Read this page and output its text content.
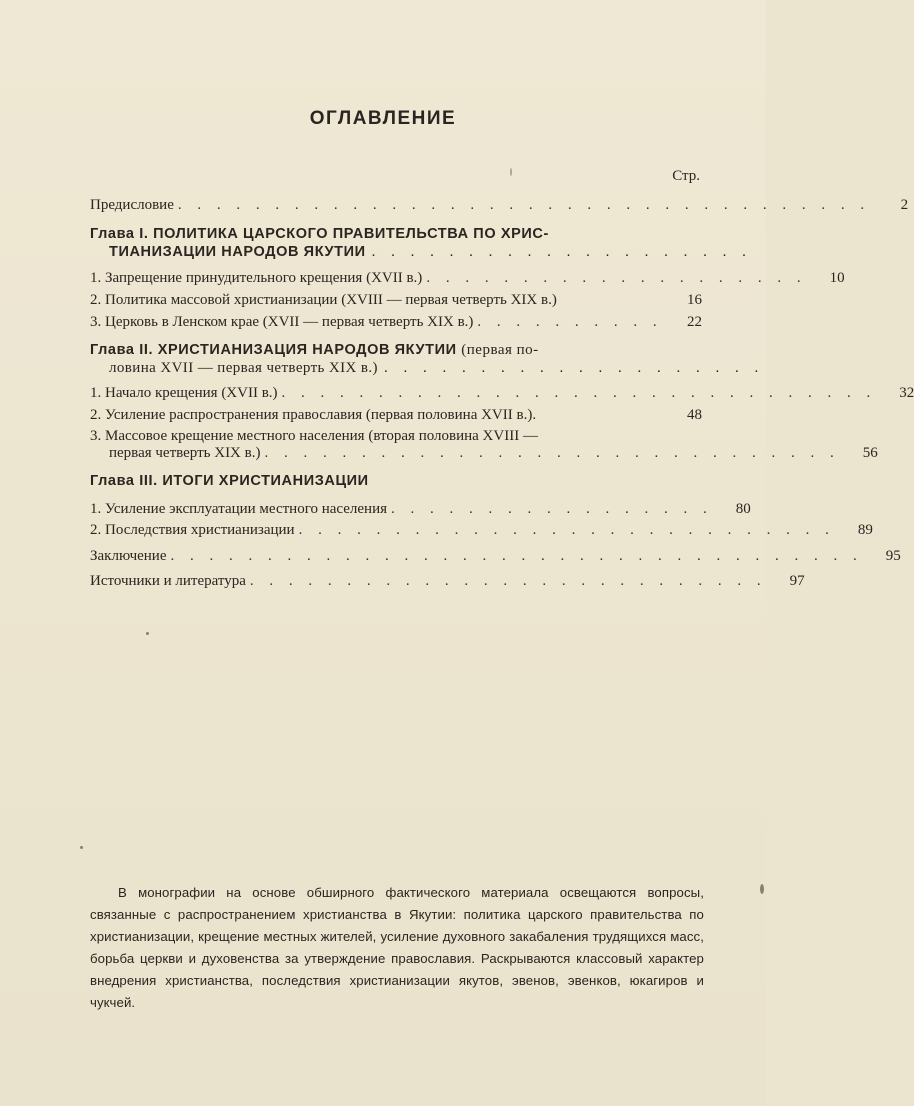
ОГЛАВЛЕНИЕ
Стр.
Предисловие . . . . . . . . . . . . . . . . . . . . . . . . . . . . . . . . . . . .	2
Глава I. ПОЛИТИКА ЦАРСКОГО ПРАВИТЕЛЬСТВА ПО ХРИС-
ТИАНИЗАЦИИ НАРОДОВ ЯКУТИИ . . . . . . . . . . . . . . . . . . . .
1. Запрещение принудительного крещения (XVII в.) . . . . . . . . . . . . . . . . . . . .	10
2. Политика массовой христианизации (XVIII — первая четверть XIX в.)	16
3. Церковь в Ленском крае (XVII — первая четверть XIX в.) . . . . . . . . . .	22
Глава II. ХРИСТИАНИЗАЦИЯ НАРОДОВ ЯКУТИИ (первая по-
ловина XVII — первая четверть XIX в.) . . . . . . . . . . . . . . . . . . . .
1. Начало крещения (XVII в.) . . . . . . . . . . . . . . . . . . . . . . . . . . . . . . .	32
2. Усиление распространения православия (первая половина XVII в.).	48
3. Массовое крещение местного населения (вторая половина XVIII —
первая четверть XIX в.) . . . . . . . . . . . . . . . . . . . . . . . . . . . . . .	56
Глава III. ИТОГИ ХРИСТИАНИЗАЦИИ
1. Усиление эксплуатации местного населения . . . . . . . . . . . . . . . . .	80
2. Последствия христианизации . . . . . . . . . . . . . . . . . . . . . . . . . . . .	89
Заключение . . . . . . . . . . . . . . . . . . . . . . . . . . . . . . . . . . . .	95
Источники и литература . . . . . . . . . . . . . . . . . . . . . . . . . . .	97
В монографии на основе обширного фактического материала освещаются вопросы, связанные с распространением христианства в Якутии: политика царского правительства по христианизации, крещение местных жителей, усиление духовного закабаления трудящихся масс, борьба церкви и духовенства за утверждение православия. Раскрываются классовый характер внедрения христианства, последствия христианизации якутов, эвенов, эвенков, юкагиров и чукчей.
